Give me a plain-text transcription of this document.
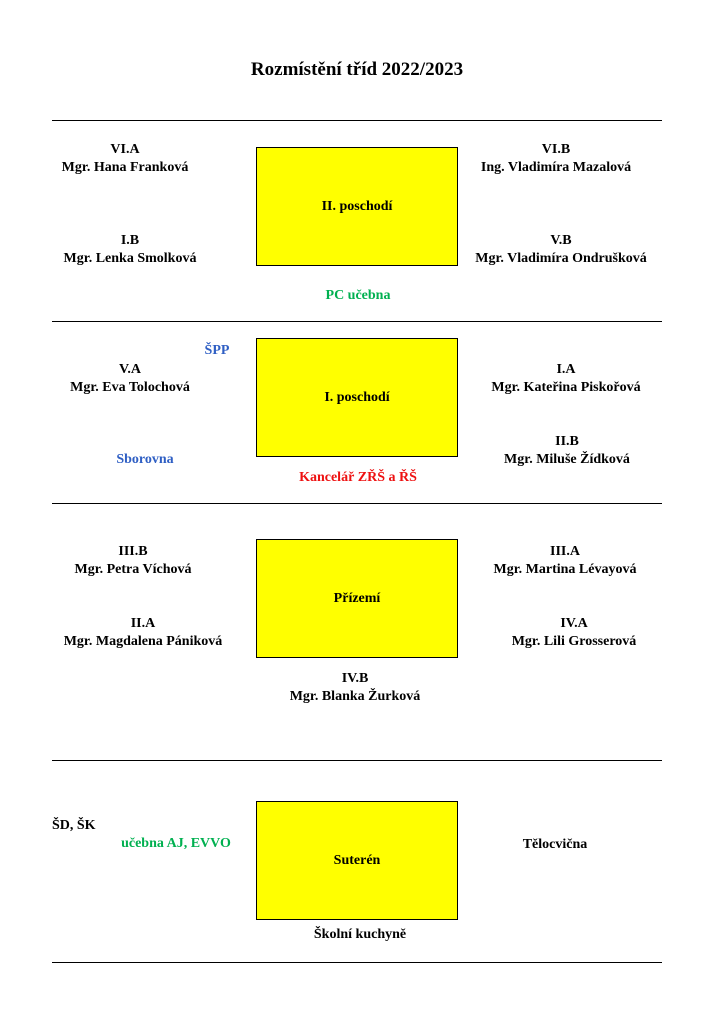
Rozmístění tříd 2022/2023
II. poschodí
VI.A
Mgr. Hana Franková
VI.B
Ing. Vladimíra Mazalová
I.B
Mgr. Lenka Smolková
V.B
Mgr. Vladimíra Ondrušková
PC učebna
I. poschodí
ŠPP
V.A
Mgr. Eva Tolochová
I.A
Mgr. Kateřina Piskořová
Sborovna
II.B
Mgr. Miluše Žídková
Kancelář ZŘŠ a ŘŠ
Přízemí
III.B
Mgr. Petra Víchová
III.A
Mgr. Martina Lévayová
II.A
Mgr. Magdalena Pániková
IV.A
Mgr. Lili Grosserová
IV.B
Mgr. Blanka Žurková
Suterén
ŠD, ŠK
učebna AJ, EVVO	Tělocvična
Školní kuchyně
